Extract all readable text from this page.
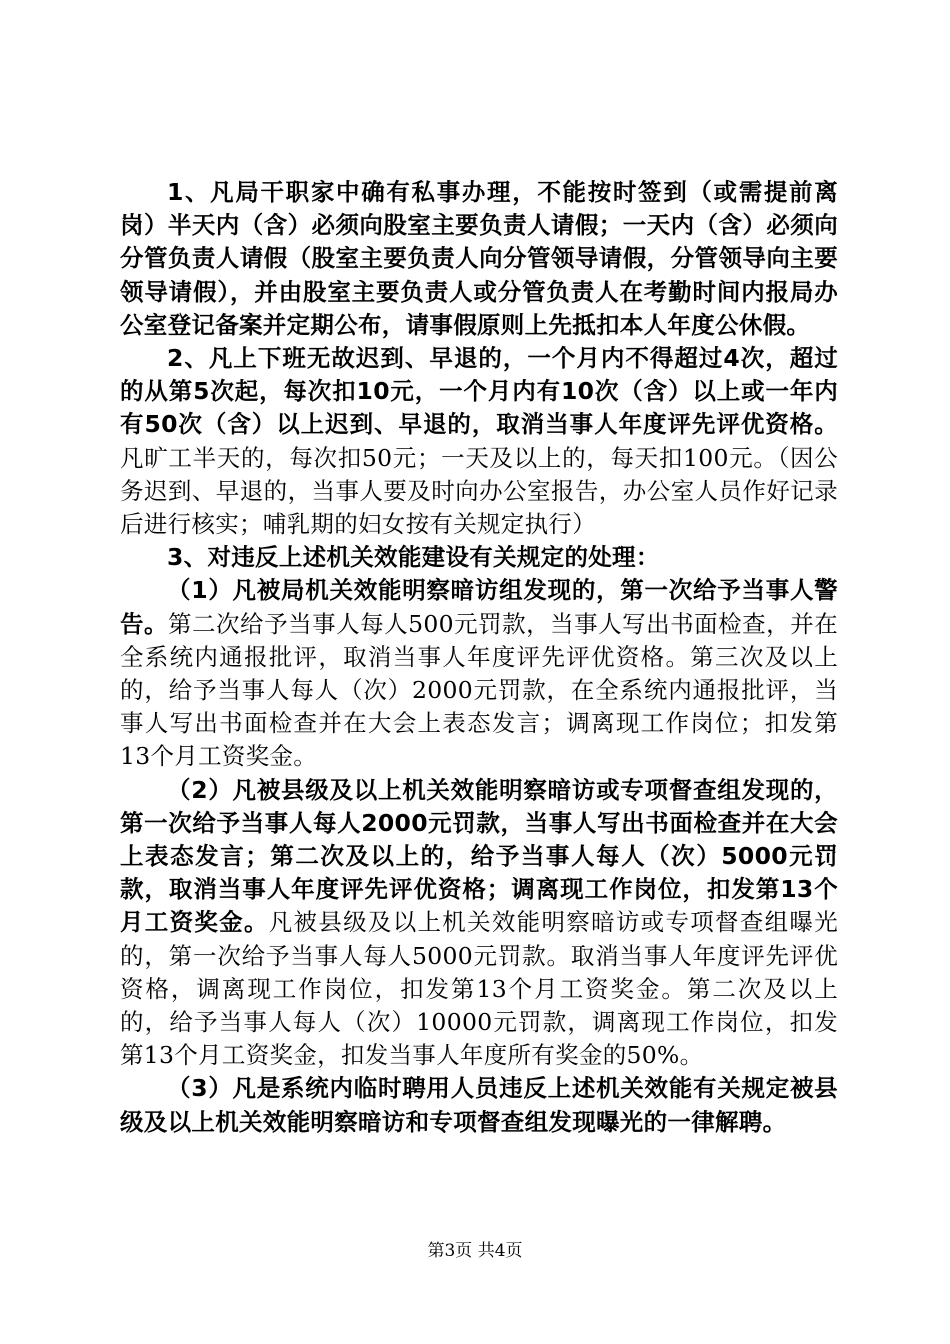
1、凡局干职家中确有私事办理，不能按时签到（或需提前离岗）半天内（含）必须向股室主要负责人请假；一天内（含）必须向分管负责人请假（股室主要负责人向分管领导请假，分管领导向主要领导请假），并由股室主要负责人或分管负责人在考勤时间内报局办公室登记备案并定期公布，请事假原则上先抵扣本人年度公休假。

2、凡上下班无故迟到、早退的，一个月内不得超过4次，超过的从第5次起，每次扣10元，一个月内有10次（含）以上或一年内有50次（含）以上迟到、早退的，取消当事人年度评先评优资格。凡旷工半天的，每次扣50元；一天及以上的，每天扣100元。（因公务迟到、早退的，当事人要及时向办公室报告，办公室人员作好记录后进行核实；哺乳期的妇女按有关规定执行）

3、对违反上述机关效能建设有关规定的处理：

（1）凡被局机关效能明察暗访组发现的，第一次给予当事人警告。第二次给予当事人每人500元罚款，当事人写出书面检查，并在全系统内通报批评，取消当事人年度评先评优资格。第三次及以上的，给予当事人每人（次）2000元罚款，在全系统内通报批评，当事人写出书面检查并在大会上表态发言；调离现工作岗位；扣发第13个月工资奖金。

（2）凡被县级及以上机关效能明察暗访或专项督查组发现的，第一次给予当事人每人2000元罚款，当事人写出书面检查并在大会上表态发言；第二次及以上的，给予当事人每人（次）5000元罚款，取消当事人年度评先评优资格；调离现工作岗位，扣发第13个月工资奖金。凡被县级及以上机关效能明察暗访或专项督查组曝光的，第一次给予当事人每人5000元罚款。取消当事人年度评先评优资格，调离现工作岗位，扣发第13个月工资奖金。第二次及以上的，给予当事人每人（次）10000元罚款，调离现工作岗位，扣发第13个月工资奖金，扣发当事人年度所有奖金的50%。

（3）凡是系统内临时聘用人员违反上述机关效能有关规定被县级及以上机关效能明察暗访和专项督查组发现曝光的一律解聘。

第3页 共4页
